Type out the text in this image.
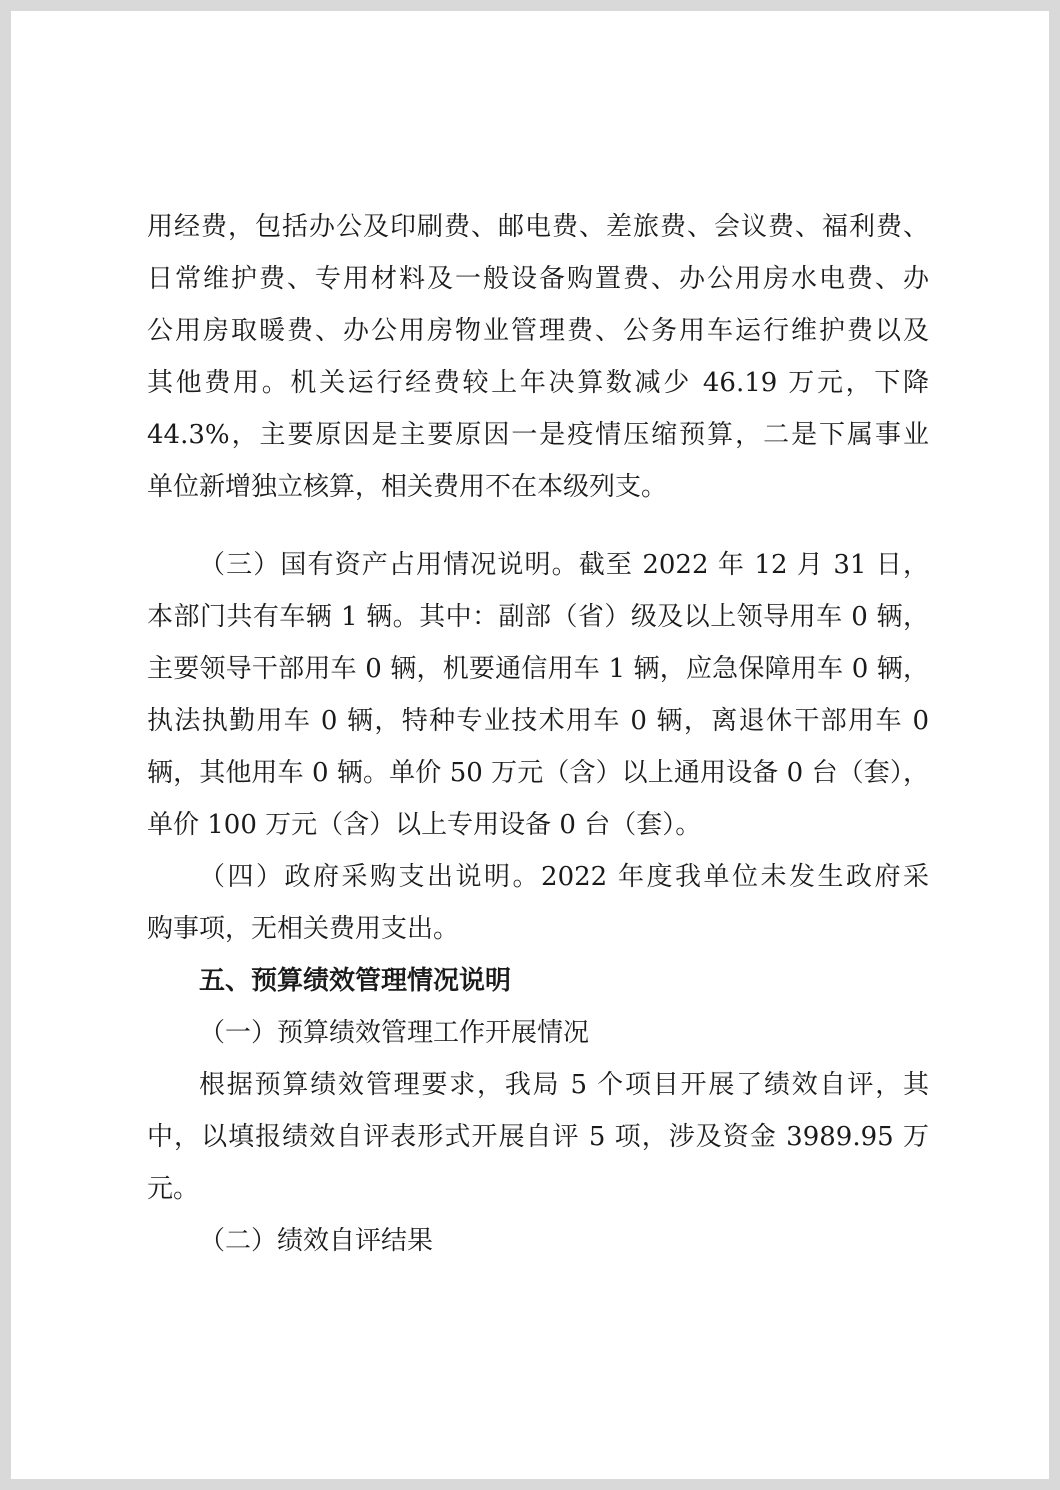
用经费，包括办公及印刷费、邮电费、差旅费、会议费、福利费、
日常维护费、专用材料及一般设备购置费、办公用房水电费、办
公用房取暖费、办公用房物业管理费、公务用车运行维护费以及
其他费用。机关运行经费较上年决算数减少 46.19 万元，下降
44.3%，主要原因是主要原因一是疫情压缩预算，二是下属事业
单位新增独立核算，相关费用不在本级列支。
（三）国有资产占用情况说明。截至 2022 年 12 月 31 日，
本部门共有车辆 1 辆。其中：副部（省）级及以上领导用车 0 辆，
主要领导干部用车 0 辆，机要通信用车 1 辆，应急保障用车 0 辆，
执法执勤用车 0 辆，特种专业技术用车 0 辆，离退休干部用车 0
辆，其他用车 0 辆。单价 50 万元（含）以上通用设备 0 台（套），
单价 100 万元（含）以上专用设备 0 台（套）。
（四）政府采购支出说明。2022 年度我单位未发生政府采
购事项，无相关费用支出。
五、预算绩效管理情况说明
（一）预算绩效管理工作开展情况
根据预算绩效管理要求，我局 5 个项目开展了绩效自评，其
中，以填报绩效自评表形式开展自评 5 项，涉及资金 3989.95 万
元。
（二）绩效自评结果
